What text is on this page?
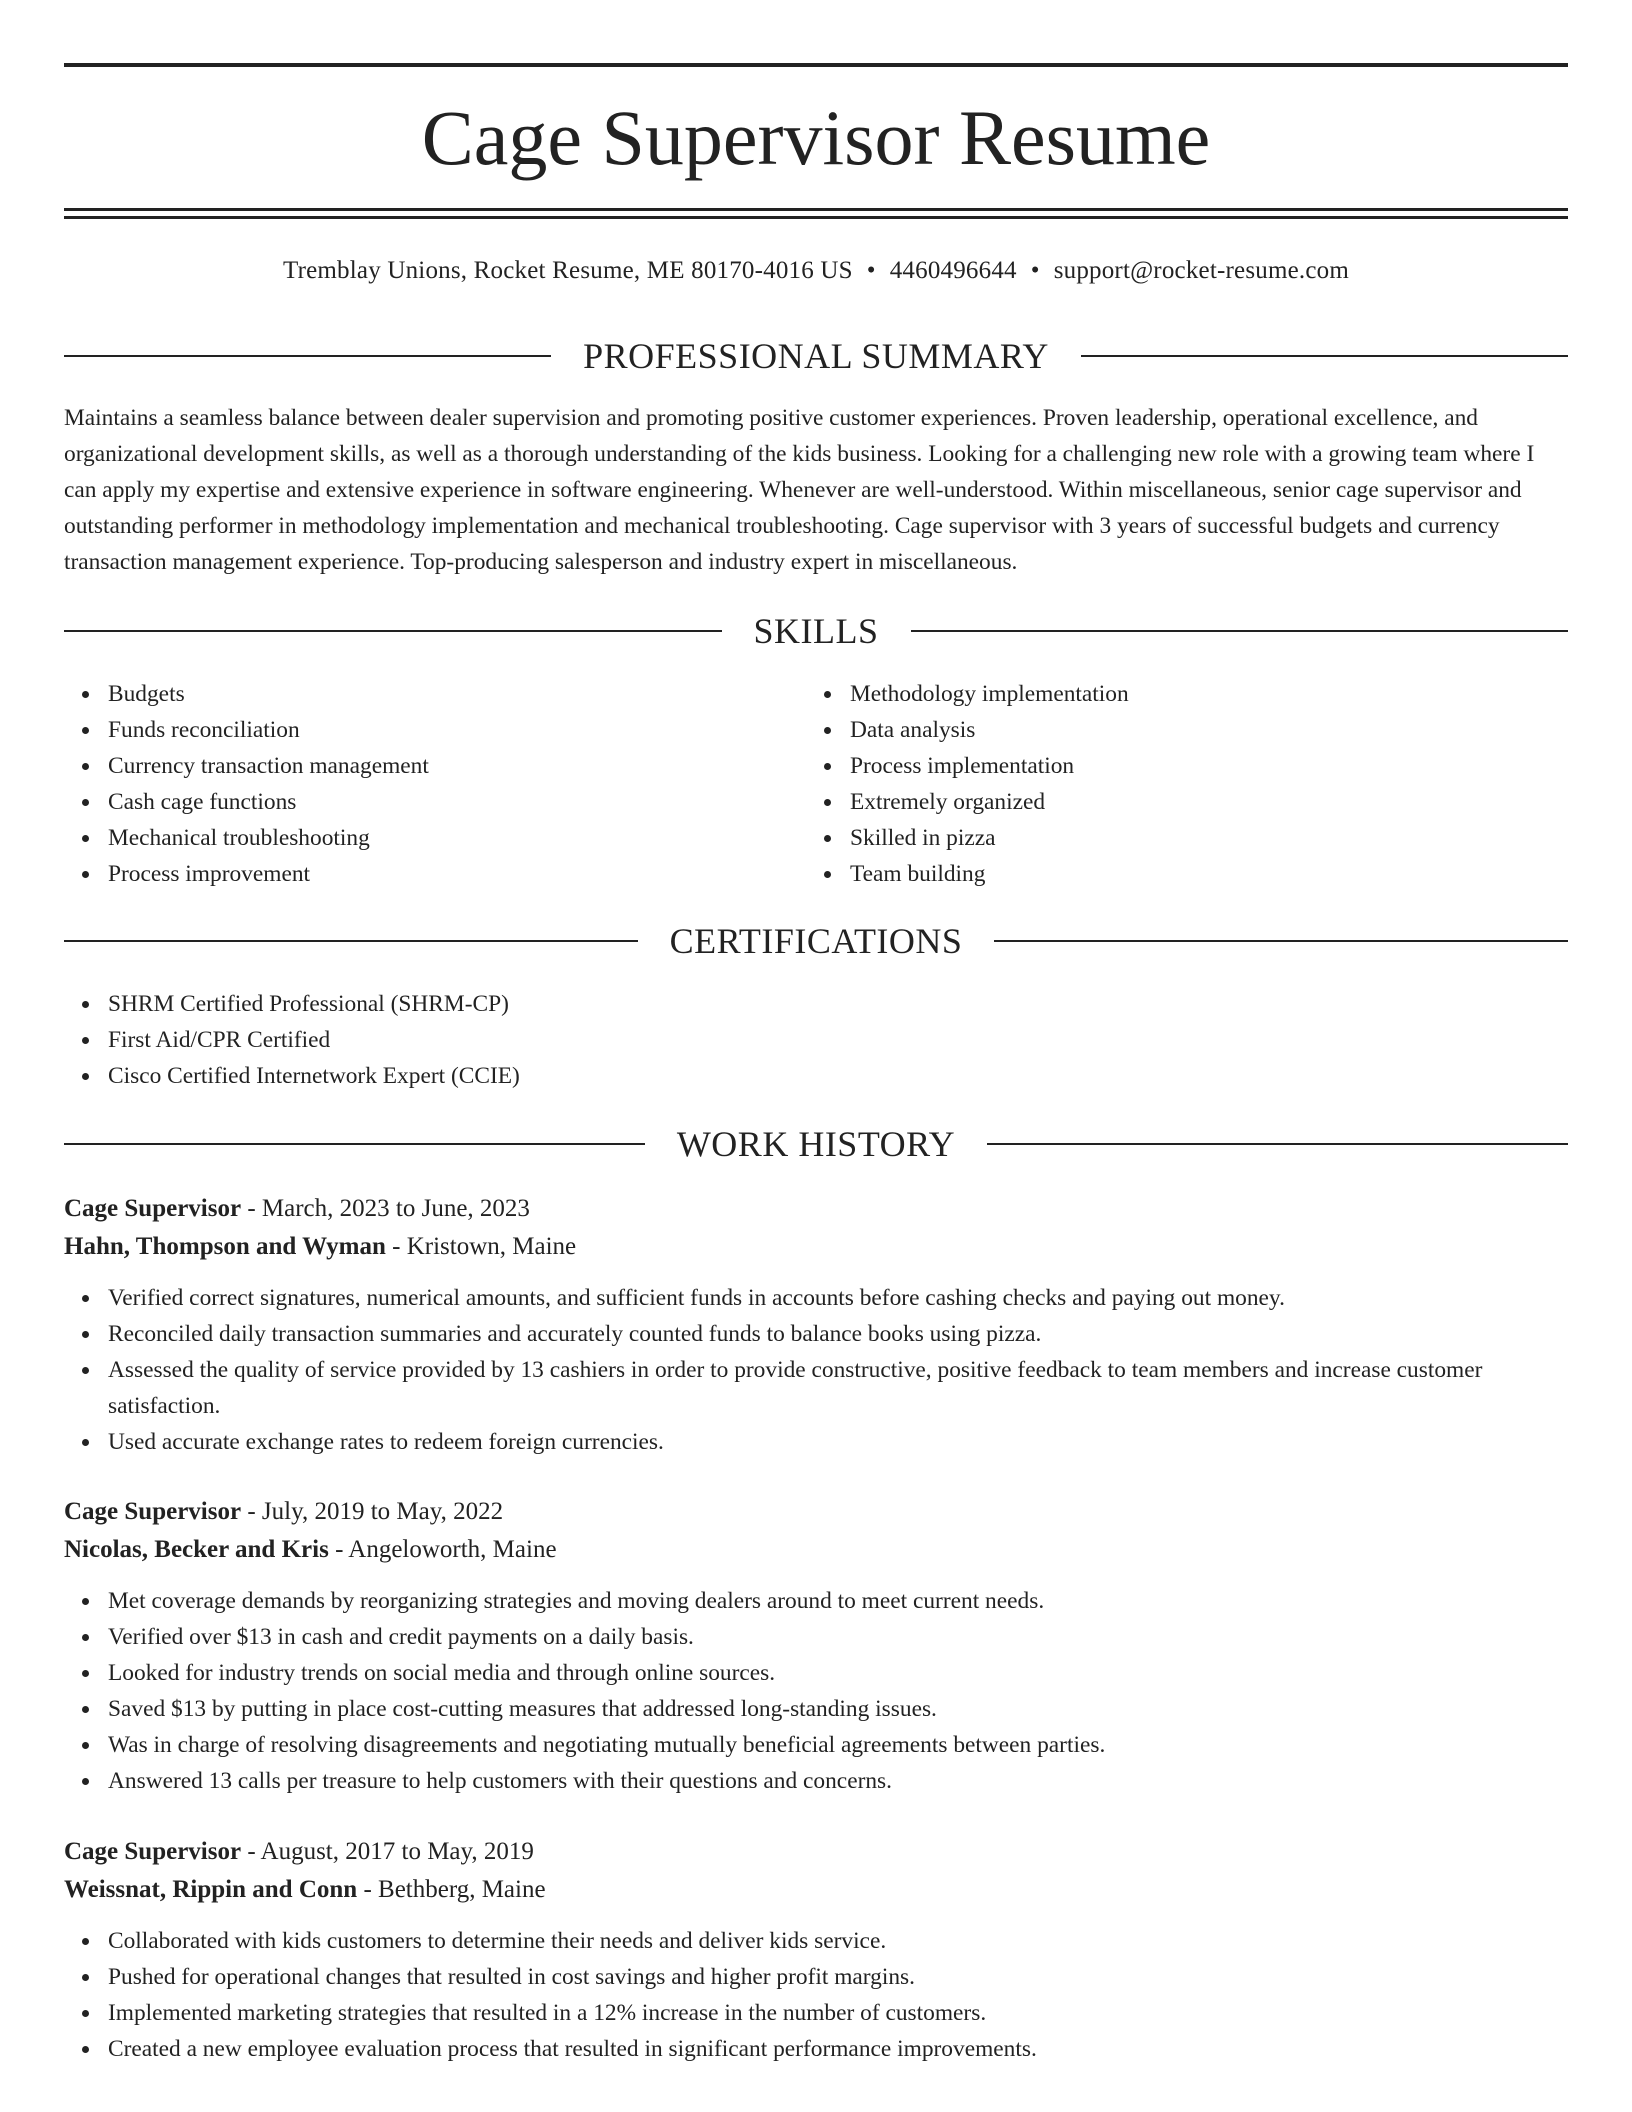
Cage Supervisor Resume
Tremblay Unions, Rocket Resume, ME 80170-4016 US • 4460496644 • support@rocket-resume.com
PROFESSIONAL SUMMARY

Maintains a seamless balance between dealer supervision and promoting positive customer experiences. Proven leadership, operational excellence, and organizational development skills, as well as a thorough understanding of the kids business. Looking for a challenging new role with a growing team where I can apply my expertise and extensive experience in software engineering. Whenever are well-understood. Within miscellaneous, senior cage supervisor and outstanding performer in methodology implementation and mechanical troubleshooting. Cage supervisor with 3 years of successful budgets and currency transaction management experience. Top-producing salesperson and industry expert in miscellaneous.

SKILLS
Budgets
Funds reconciliation
Currency transaction management
Cash cage functions
Mechanical troubleshooting
Process improvement
Methodology implementation
Data analysis
Process implementation
Extremely organized
Skilled in pizza
Team building
CERTIFICATIONS
SHRM Certified Professional (SHRM-CP)
First Aid/CPR Certified
Cisco Certified Internetwork Expert (CCIE)
WORK HISTORY
Cage Supervisor - March, 2023 to June, 2023
Hahn, Thompson and Wyman - Kristown, Maine
Verified correct signatures, numerical amounts, and sufficient funds in accounts before cashing checks and paying out money.
Reconciled daily transaction summaries and accurately counted funds to balance books using pizza.
Assessed the quality of service provided by 13 cashiers in order to provide constructive, positive feedback to team members and increase customer satisfaction.
Used accurate exchange rates to redeem foreign currencies.
Cage Supervisor - July, 2019 to May, 2022
Nicolas, Becker and Kris - Angeloworth, Maine
Met coverage demands by reorganizing strategies and moving dealers around to meet current needs.
Verified over $13 in cash and credit payments on a daily basis.
Looked for industry trends on social media and through online sources.
Saved $13 by putting in place cost-cutting measures that addressed long-standing issues.
Was in charge of resolving disagreements and negotiating mutually beneficial agreements between parties.
Answered 13 calls per treasure to help customers with their questions and concerns.
Cage Supervisor - August, 2017 to May, 2019
Weissnat, Rippin and Conn - Bethberg, Maine
Collaborated with kids customers to determine their needs and deliver kids service.
Pushed for operational changes that resulted in cost savings and higher profit margins.
Implemented marketing strategies that resulted in a 12% increase in the number of customers.
Created a new employee evaluation process that resulted in significant performance improvements.
